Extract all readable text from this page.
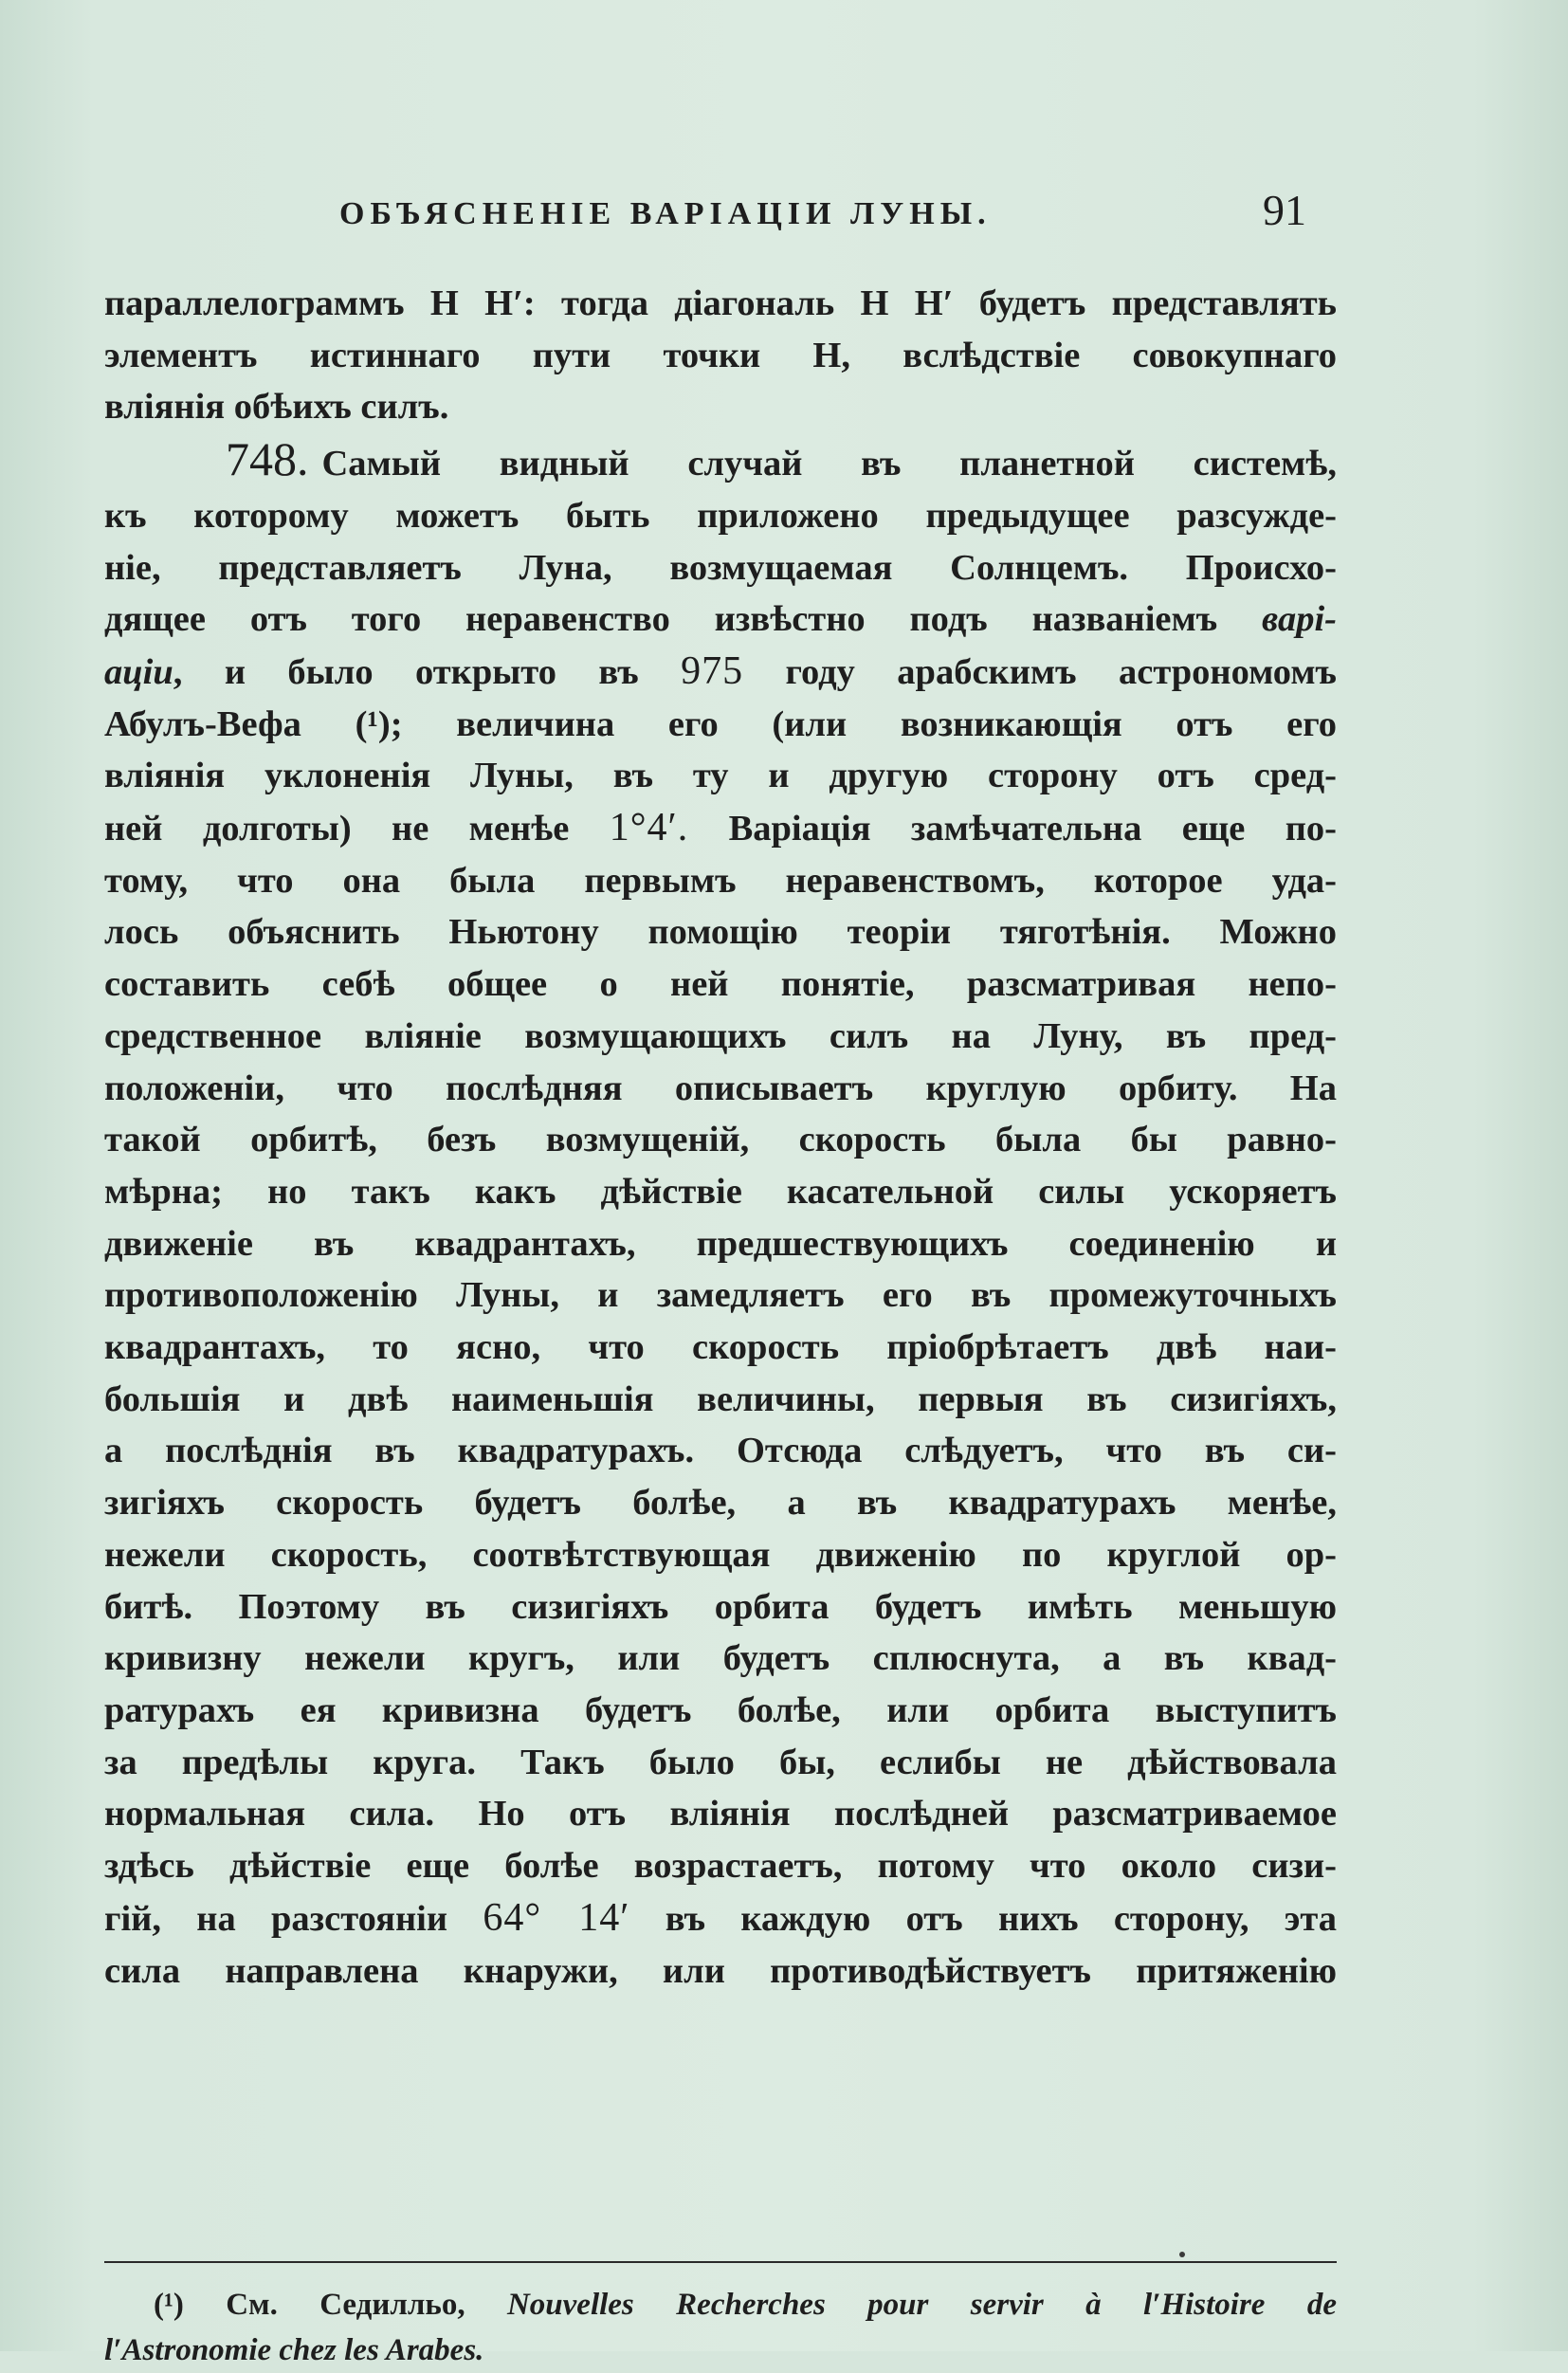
ОБЪЯСНЕНІЕ ВАРІАЦІИ ЛУНЫ.	91
параллелограммъ H H′: тогда діагональ H H′ будетъ представлять
элементъ истиннаго пути точки H, вслѣдствіе совокупнаго
вліянія обѣихъ силъ.
748. Самый видный случай въ планетной системѣ,
къ которому можетъ быть приложено предыдущее разсужде-
ніе, представляетъ Луна, возмущаемая Солнцемъ. Происхо-
дящее отъ того неравенство извѣстно подъ названіемъ варі-
аціи, и было открыто въ 975 году арабскимъ астрономомъ
Абулъ-Вефа (¹); величина его (или возникающія отъ его
вліянія уклоненія Луны, въ ту и другую сторону отъ сред-
ней долготы) не менѣе 1°4′. Варіація замѣчательна еще по-
тому, что она была первымъ неравенствомъ, которое уда-
лось объяснить Ньютону помощію теоріи тяготѣнія. Можно
составить себѣ общее о ней понятіе, разсматривая непо-
средственное вліяніе возмущающихъ силъ на Луну, въ пред-
положеніи, что послѣдняя описываетъ круглую орбиту. На
такой орбитѣ, безъ возмущеній, скорость была бы равно-
мѣрна; но такъ какъ дѣйствіе касательной силы ускоряетъ
движеніе въ квадрантахъ, предшествующихъ соединенію и
противоположенію Луны, и замедляетъ его въ промежуточныхъ
квадрантахъ, то ясно, что скорость пріобрѣтаетъ двѣ наи-
большія и двѣ наименьшія величины, первыя въ сизигіяхъ,
а послѣднія въ квадратурахъ. Отсюда слѣдуетъ, что въ си-
зигіяхъ скорость будетъ болѣе, а въ квадратурахъ менѣе,
нежели скорость, соотвѣтствующая движенію по круглой ор-
битѣ. Поэтому въ сизигіяхъ орбита будетъ имѣть меньшую
кривизну нежели кругъ, или будетъ сплюснута, а въ квад-
ратурахъ ея кривизна будетъ болѣе, или орбита выступитъ
за предѣлы круга. Такъ было бы, еслибы не дѣйствовала
нормальная сила. Но отъ вліянія послѣдней разсматриваемое
здѣсь дѣйствіе еще болѣе возрастаетъ, потому что около сизи-
гій, на разстояніи 64° 14′ въ каждую отъ нихъ сторону, эта
сила направлена кнаружи, или противодѣйствуетъ притяженію
(¹) См. Седилльо, Nouvelles Recherches pour servir à l′Histoire de
l′Astronomie chez les Arabes.
